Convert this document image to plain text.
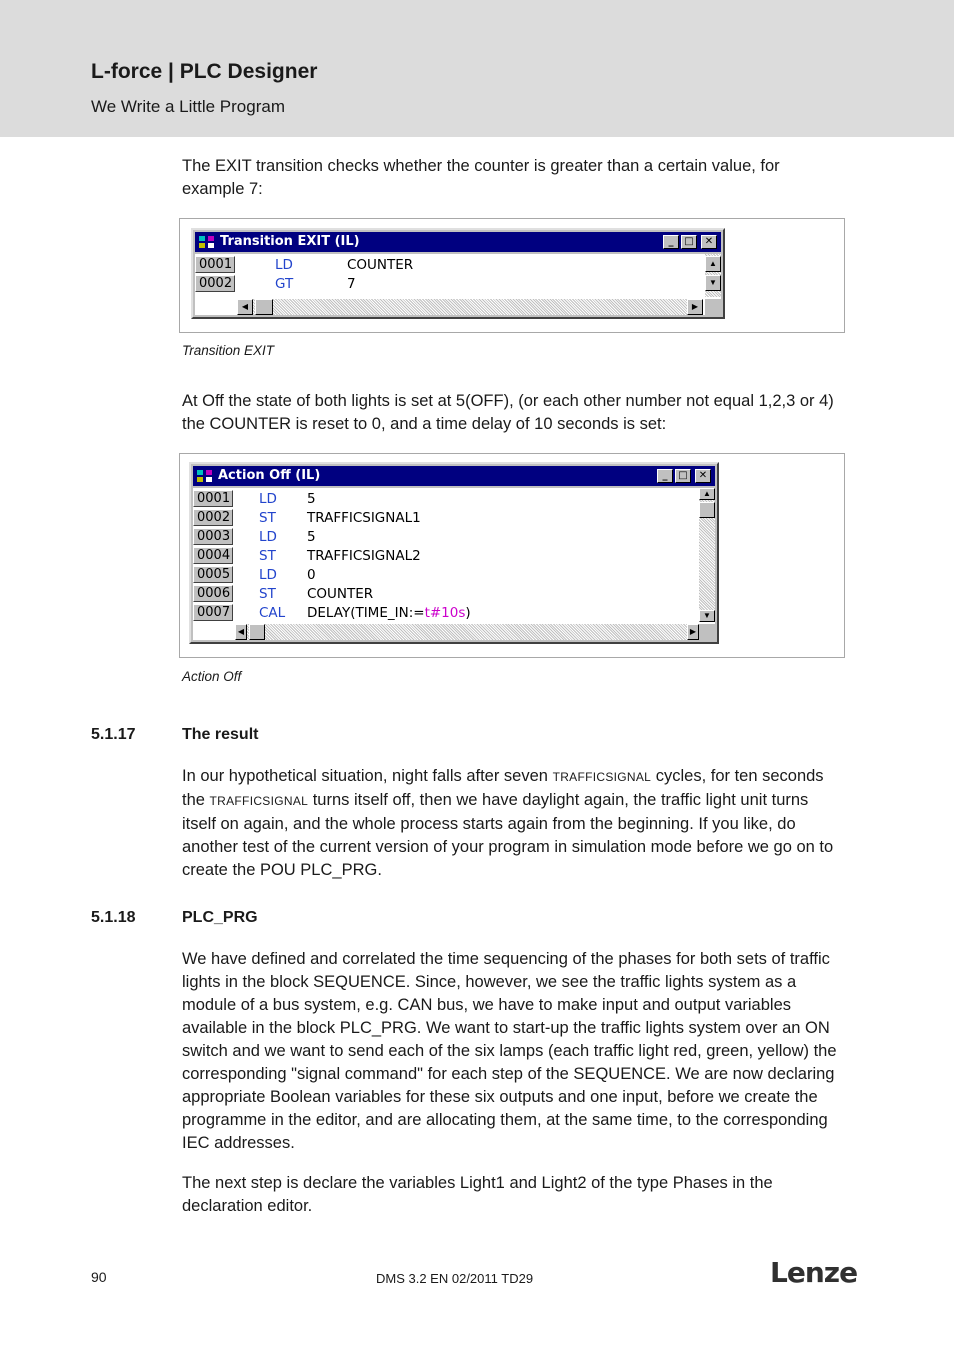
L-force | PLC Designer
We Write a Little Program
The EXIT transition checks whether the counter is greater than a certain value, for example 7:
Transition EXIT (IL)	_	□	✕
0001	LD	COUNTER
0002	GT	7
▲
▼
◀	▶
Transition EXIT
At Off the state of both lights is set at 5(OFF), (or each other number not equal 1,2,3 or 4) the COUNTER is reset to 0, and a time delay of 10 seconds is set:
Action Off (IL)	_	□	✕
0001 LD 5
0002 ST TRAFFICSIGNAL1
0003 LD 5
0004 ST TRAFFICSIGNAL2
0005 LD 0
0006 ST COUNTER
0007 CAL DELAY(TIME_IN:=t#10s)
▲
▼
◀	▶
Action Off
5.1.17	The result
In our hypothetical situation, night falls after seven TRAFFICSIGNAL cycles, for ten seconds the TRAFFICSIGNAL turns itself off, then we have daylight again, the traffic light unit turns itself on again, and the whole process starts again from the beginning. If you like, do another test of the current version of your program in simulation mode before we go on to create the POU PLC_PRG.
5.1.18	PLC_PRG
We have defined and correlated the time sequencing of the phases for both sets of traffic lights in the block SEQUENCE. Since, however, we see the traffic lights system as a module of a bus system, e.g. CAN bus, we have to make input and output variables available in the block PLC_PRG. We want to start-up the traffic lights system over an ON switch and we want to send each of the six lamps (each traffic light red, green, yellow) the corresponding "signal command" for each step of the SEQUENCE. We are now declaring appropriate Boolean variables for these six outputs and one input, before we create the programme in the editor, and are allocating them, at the same time, to the corresponding IEC addresses.
The next step is declare the variables Light1 and Light2 of the type Phases in the declaration editor.
90	DMS 3.2 EN 02/2011 TD29	Lenze
